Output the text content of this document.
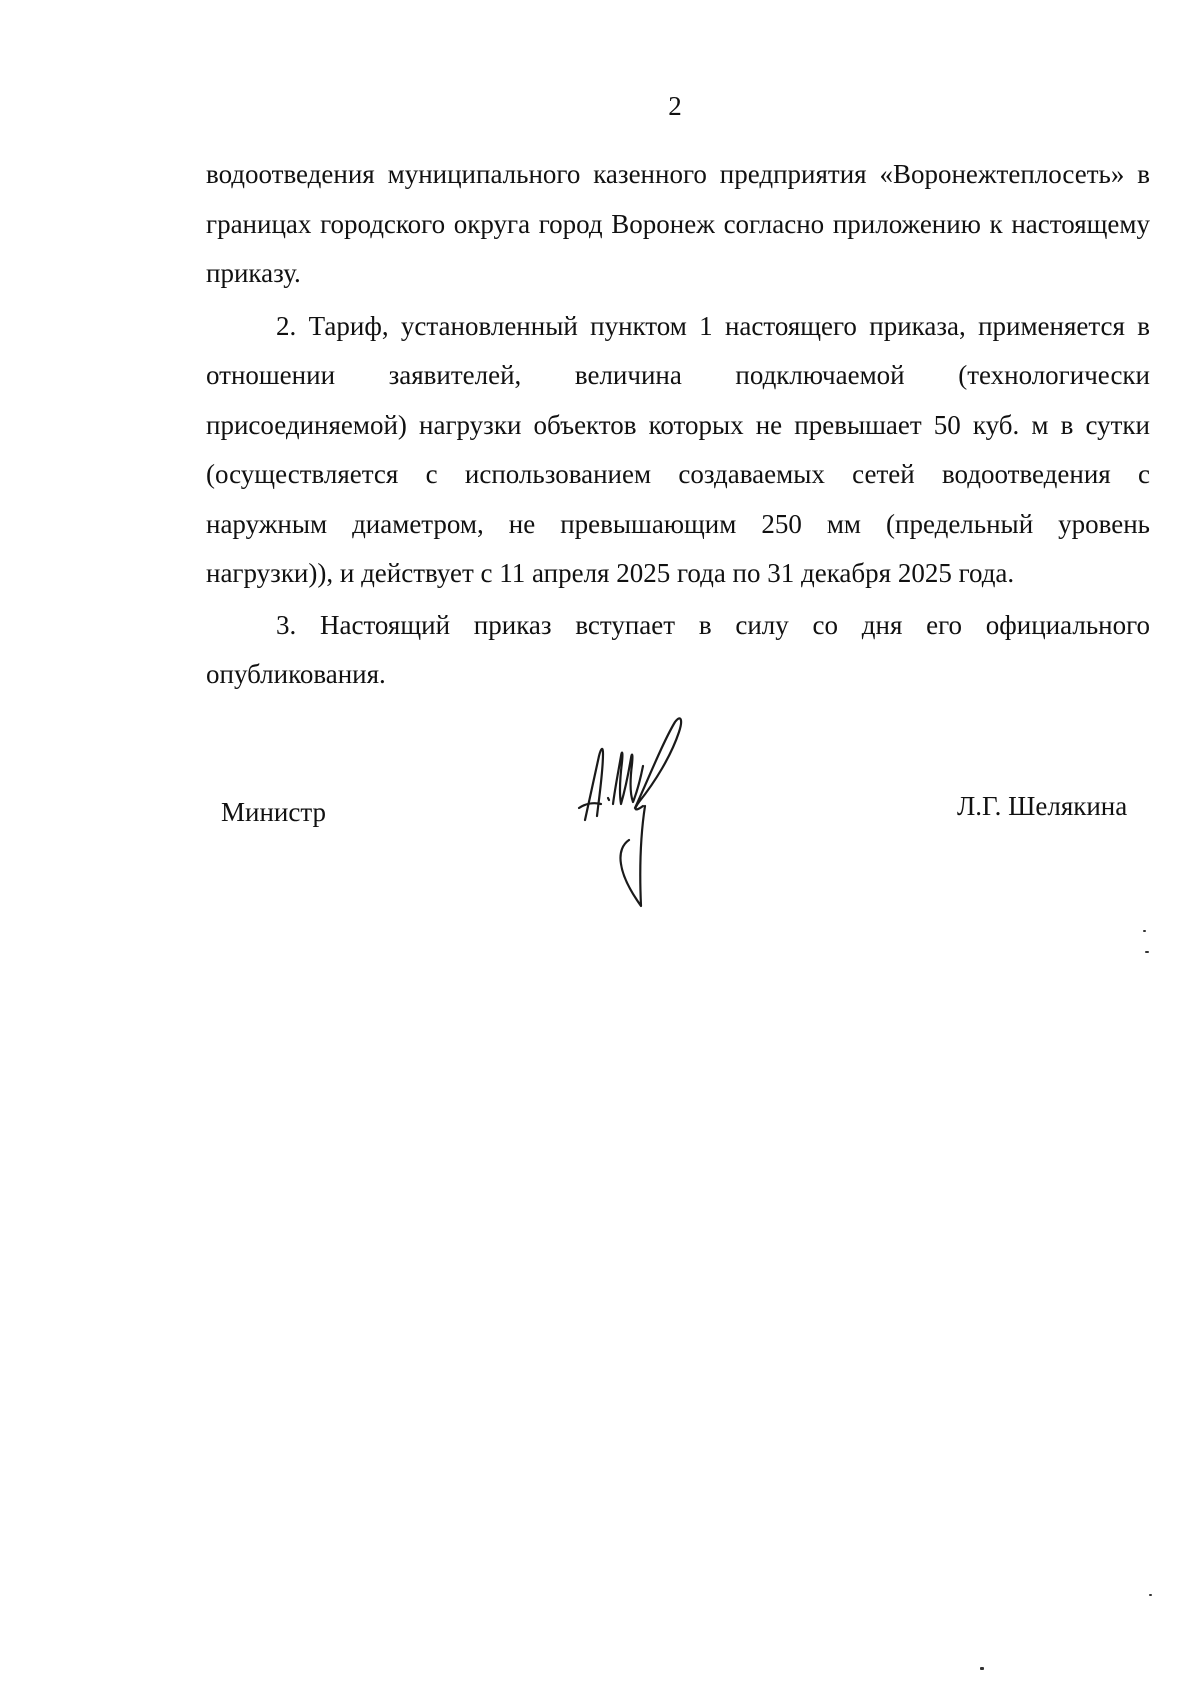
2

водоотведения муниципального казенного предприятия «Воронежтеплосеть» в границах городского округа город Воронеж согласно приложению к настоящему приказу.

2. Тариф, установленный пунктом 1 настоящего приказа, применяется в отношении заявителей, величина подключаемой (технологически присоединяемой) нагрузки объектов которых не превышает 50 куб. м в сутки (осуществляется с использованием создаваемых сетей водоотведения с наружным диаметром, не превышающим 250 мм (предельный уровень нагрузки)), и действует с 11 апреля 2025 года по 31 декабря 2025 года.

3. Настоящий приказ вступает в силу со дня его официального опубликования.

Министр	Л.Г. Шелякина
